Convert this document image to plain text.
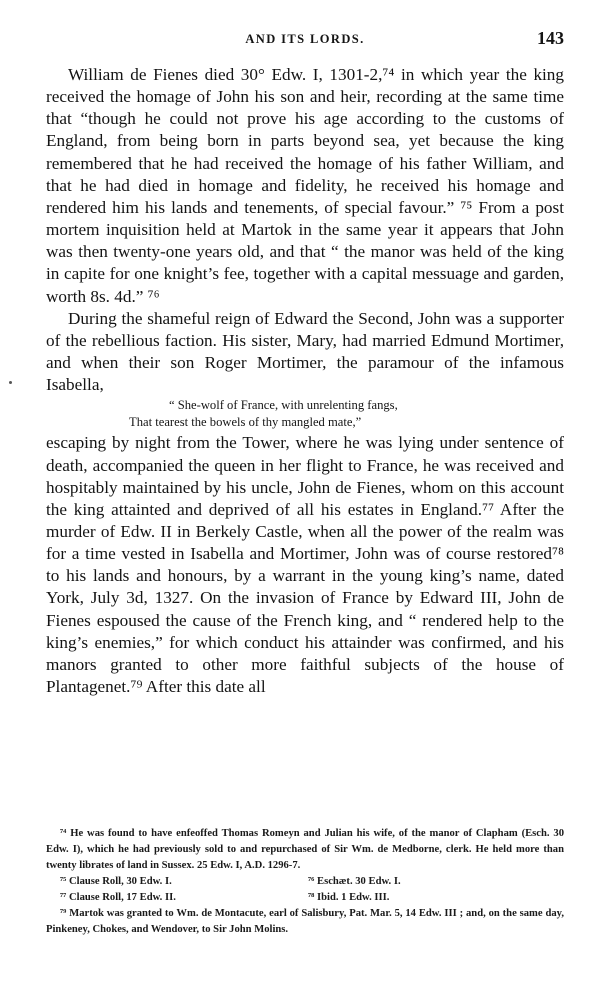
AND ITS LORDS.	143

William de Fienes died 30° Edw. I, 1301-2,⁷⁴ in which year the king received the homage of John his son and heir, recording at the same time that “though he could not prove his age according to the customs of England, from being born in parts beyond sea, yet because the king remembered that he had received the homage of his father William, and that he had died in homage and fidelity, he received his homage and rendered him his lands and tenements, of special favour.” ⁷⁵ From a post mortem inquisition held at Martok in the same year it appears that John was then twenty-one years old, and that “ the manor was held of the king in capite for one knight’s fee, together with a capital messuage and garden, worth 8s. 4d.” ⁷⁶

During the shameful reign of Edward the Second, John was a supporter of the rebellious faction. His sister, Mary, had married Edmund Mortimer, and when their son Roger Mortimer, the paramour of the infamous Isabella,

“ She-wolf of France, with unrelenting fangs,
That tearest the bowels of thy mangled mate,”

escaping by night from the Tower, where he was lying under sentence of death, accompanied the queen in her flight to France, he was received and hospitably maintained by his uncle, John de Fienes, whom on this account the king attainted and deprived of all his estates in England.⁷⁷ After the murder of Edw. II in Berkely Castle, when all the power of the realm was for a time vested in Isabella and Mortimer, John was of course restored⁷⁸ to his lands and honours, by a warrant in the young king’s name, dated York, July 3d, 1327. On the invasion of France by Edward III, John de Fienes espoused the cause of the French king, and “ rendered help to the king’s enemies,” for which conduct his attainder was confirmed, and his manors granted to other more faithful subjects of the house of Plantagenet.⁷⁹ After this date all

⁷⁴ He was found to have enfeoffed Thomas Romeyn and Julian his wife, of the manor of Clapham (Esch. 30 Edw. I), which he had previously sold to and repurchased of Sir Wm. de Medborne, clerk. He held more than twenty librates of land in Sussex. 25 Edw. I, A.D. 1296-7.
⁷⁵ Clause Roll, 30 Edw. I.	⁷⁶ Eschæt. 30 Edw. I.
⁷⁷ Clause Roll, 17 Edw. II.	⁷⁸ Ibid. 1 Edw. III.
⁷⁹ Martok was granted to Wm. de Montacute, earl of Salisbury, Pat. Mar. 5, 14 Edw. III ; and, on the same day, Pinkeney, Chokes, and Wendover, to Sir John Molins.
